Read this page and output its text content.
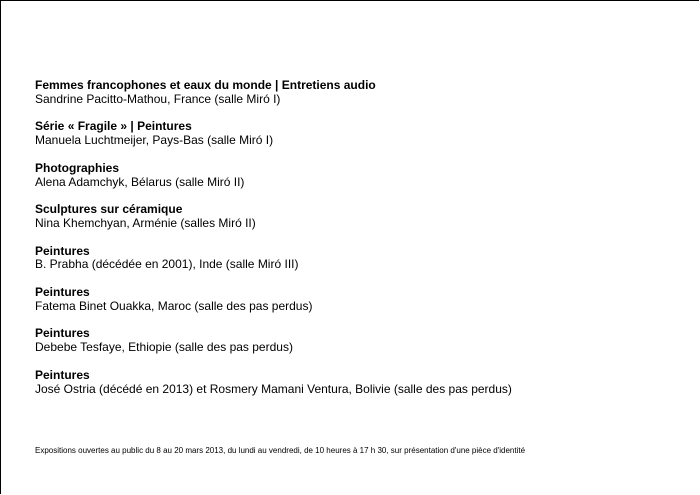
Femmes francophones et eaux du monde | Entretiens audio
Sandrine Pacitto-Mathou, France (salle Miró I)
Série « Fragile » | Peintures
Manuela Luchtmeijer, Pays-Bas (salle Miró I)
Photographies
Alena Adamchyk, Bélarus (salle Miró II)
Sculptures sur céramique
Nina Khemchyan, Arménie (salles Miró II)
Peintures
B. Prabha (décédée en 2001), Inde (salle Miró III)
Peintures
Fatema Binet Ouakka, Maroc (salle des pas perdus)
Peintures
Debebe Tesfaye, Ethiopie (salle des pas perdus)
Peintures
José Ostria (décédé en 2013) et Rosmery Mamani Ventura, Bolivie (salle des pas perdus)
Expositions ouvertes au public du 8 au 20 mars 2013, du lundi au vendredi, de 10 heures à 17 h 30, sur présentation d'une pièce d'identité
